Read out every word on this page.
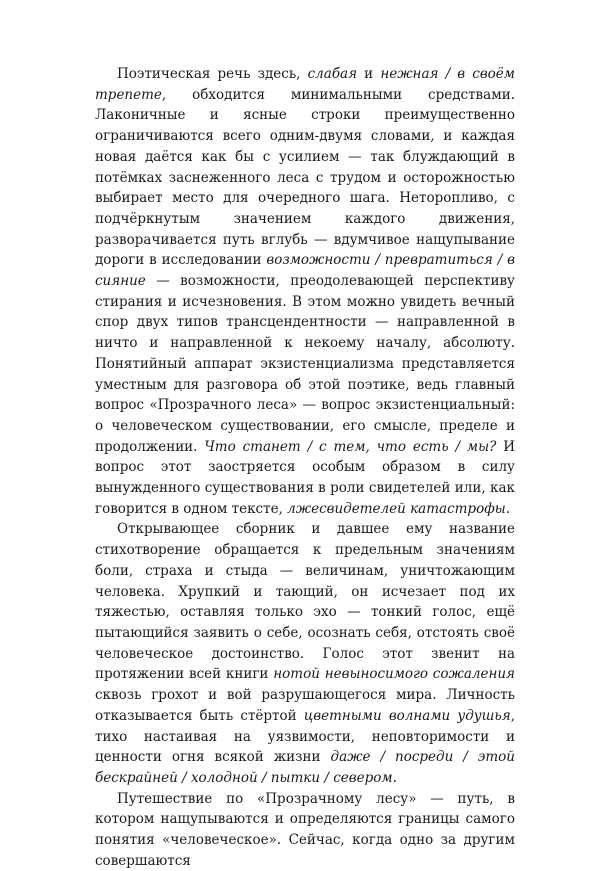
Поэтическая речь здесь, слабая и нежная / в своём трепете, обходится минимальными средствами. Лаконичные и ясные строки преимущественно ограничиваются всего одним-двумя словами, и каждая новая даётся как бы с усилием — так блуждающий в потёмках заснеженного леса с трудом и осторожностью выбирает место для очередного шага. Неторопливо, с подчёркнутым значением каждого движения, разворачивается путь вглубь — вдумчивое нащупывание дороги в исследовании возможности / превратиться / в сияние — возможности, преодолевающей перспективу стирания и исчезновения. В этом можно увидеть вечный спор двух типов трансцендентности — направленной в ничто и направленной к некоему началу, абсолюту. Понятийный аппарат экзистенциализма представляется уместным для разговора об этой поэтике, ведь главный вопрос «Прозрачного леса» — вопрос экзистенциальный: о человеческом существовании, его смысле, пределе и продолжении. Что станет / с тем, что есть / мы? И вопрос этот заостряется особым образом в силу вынужденного существования в роли свидетелей или, как говорится в одном тексте, лжесвидетелей катастрофы.

Открывающее сборник и давшее ему название стихотворение обращается к предельным значениям боли, страха и стыда — величинам, уничтожающим человека. Хрупкий и тающий, он исчезает под их тяжестью, оставляя только эхо — тонкий голос, ещё пытающийся заявить о себе, осознать себя, отстоять своё человеческое достоинство. Голос этот звенит на протяжении всей книги нотой невыносимого сожаления сквозь грохот и вой разрушающегося мира. Личность отказывается быть стёртой цветными волнами удушья, тихо настаивая на уязвимости, неповторимости и ценности огня всякой жизни даже / посреди / этой бескрайней / холодной / пытки / севером.

Путешествие по «Прозрачному лесу» — путь, в котором нащупываются и определяются границы самого понятия «человеческое». Сейчас, когда одно за другим совершаются
